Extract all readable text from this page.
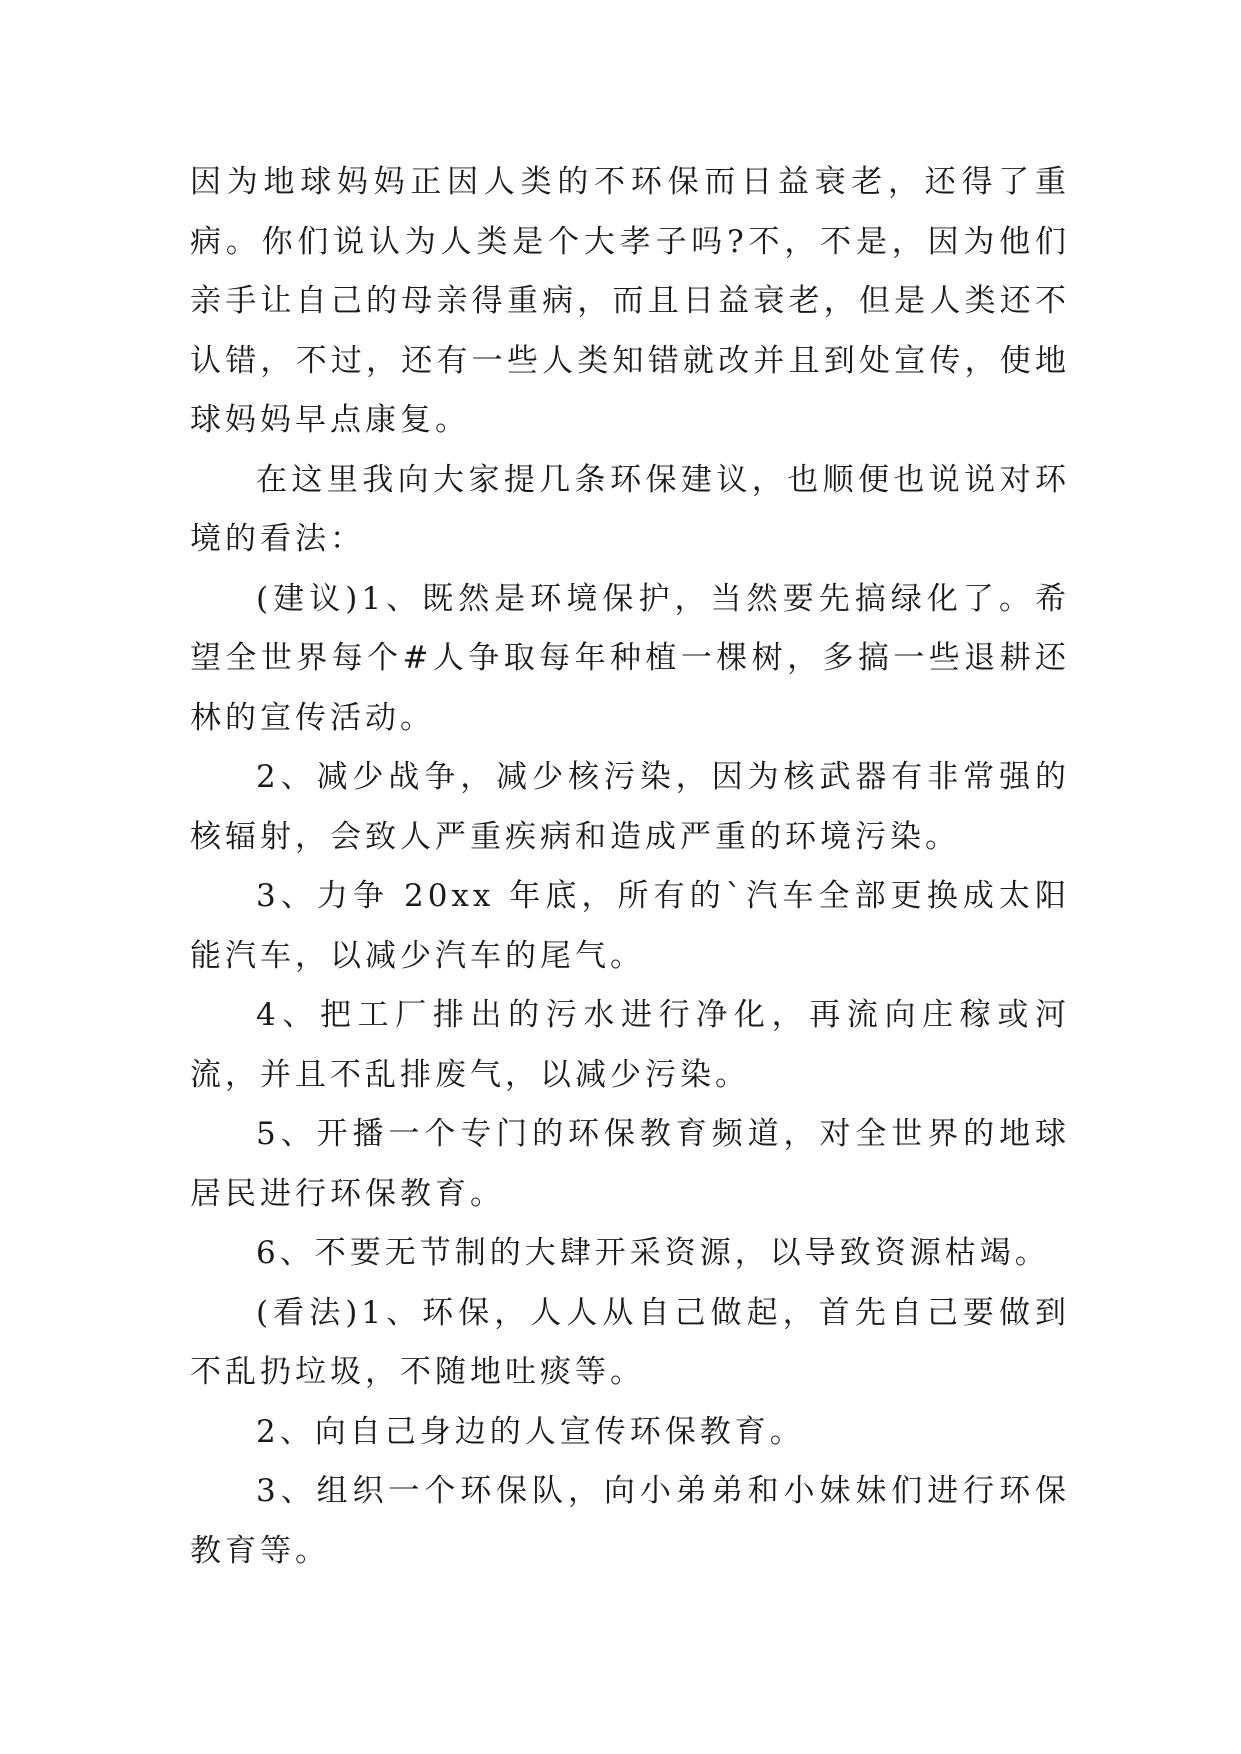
因为地球妈妈正因人类的不环保而日益衰老，还得了重病。你们说认为人类是个大孝子吗?不，不是，因为他们亲手让自己的母亲得重病，而且日益衰老，但是人类还不认错，不过，还有一些人类知错就改并且到处宣传，使地球妈妈早点康复。

在这里我向大家提几条环保建议，也顺便也说说对环境的看法：

(建议)1、既然是环境保护，当然要先搞绿化了。希望全世界每个#人争取每年种植一棵树，多搞一些退耕还林的宣传活动。

2、减少战争，减少核污染，因为核武器有非常强的核辐射，会致人严重疾病和造成严重的环境污染。

3、力争 20xx 年底，所有的`汽车全部更换成太阳能汽车，以减少汽车的尾气。

4、把工厂排出的污水进行净化，再流向庄稼或河流，并且不乱排废气，以减少污染。

5、开播一个专门的环保教育频道，对全世界的地球居民进行环保教育。

6、不要无节制的大肆开采资源，以导致资源枯竭。

(看法)1、环保，人人从自己做起，首先自己要做到不乱扔垃圾，不随地吐痰等。

2、向自己身边的人宣传环保教育。

3、组织一个环保队，向小弟弟和小妹妹们进行环保教育等。
